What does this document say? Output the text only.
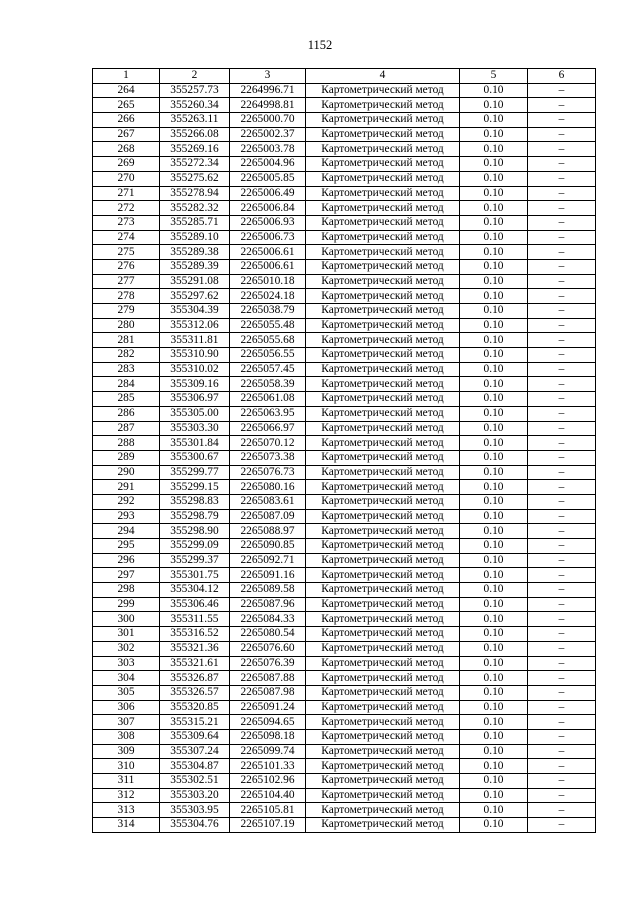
1152
1	2	3	4	5	6
264	355257.73	2264996.71	Картометрический метод	0.10	–
265	355260.34	2264998.81	Картометрический метод	0.10	–
266	355263.11	2265000.70	Картометрический метод	0.10	–
267	355266.08	2265002.37	Картометрический метод	0.10	–
268	355269.16	2265003.78	Картометрический метод	0.10	–
269	355272.34	2265004.96	Картометрический метод	0.10	–
270	355275.62	2265005.85	Картометрический метод	0.10	–
271	355278.94	2265006.49	Картометрический метод	0.10	–
272	355282.32	2265006.84	Картометрический метод	0.10	–
273	355285.71	2265006.93	Картометрический метод	0.10	–
274	355289.10	2265006.73	Картометрический метод	0.10	–
275	355289.38	2265006.61	Картометрический метод	0.10	–
276	355289.39	2265006.61	Картометрический метод	0.10	–
277	355291.08	2265010.18	Картометрический метод	0.10	–
278	355297.62	2265024.18	Картометрический метод	0.10	–
279	355304.39	2265038.79	Картометрический метод	0.10	–
280	355312.06	2265055.48	Картометрический метод	0.10	–
281	355311.81	2265055.68	Картометрический метод	0.10	–
282	355310.90	2265056.55	Картометрический метод	0.10	–
283	355310.02	2265057.45	Картометрический метод	0.10	–
284	355309.16	2265058.39	Картометрический метод	0.10	–
285	355306.97	2265061.08	Картометрический метод	0.10	–
286	355305.00	2265063.95	Картометрический метод	0.10	–
287	355303.30	2265066.97	Картометрический метод	0.10	–
288	355301.84	2265070.12	Картометрический метод	0.10	–
289	355300.67	2265073.38	Картометрический метод	0.10	–
290	355299.77	2265076.73	Картометрический метод	0.10	–
291	355299.15	2265080.16	Картометрический метод	0.10	–
292	355298.83	2265083.61	Картометрический метод	0.10	–
293	355298.79	2265087.09	Картометрический метод	0.10	–
294	355298.90	2265088.97	Картометрический метод	0.10	–
295	355299.09	2265090.85	Картометрический метод	0.10	–
296	355299.37	2265092.71	Картометрический метод	0.10	–
297	355301.75	2265091.16	Картометрический метод	0.10	–
298	355304.12	2265089.58	Картометрический метод	0.10	–
299	355306.46	2265087.96	Картометрический метод	0.10	–
300	355311.55	2265084.33	Картометрический метод	0.10	–
301	355316.52	2265080.54	Картометрический метод	0.10	–
302	355321.36	2265076.60	Картометрический метод	0.10	–
303	355321.61	2265076.39	Картометрический метод	0.10	–
304	355326.87	2265087.88	Картометрический метод	0.10	–
305	355326.57	2265087.98	Картометрический метод	0.10	–
306	355320.85	2265091.24	Картометрический метод	0.10	–
307	355315.21	2265094.65	Картометрический метод	0.10	–
308	355309.64	2265098.18	Картометрический метод	0.10	–
309	355307.24	2265099.74	Картометрический метод	0.10	–
310	355304.87	2265101.33	Картометрический метод	0.10	–
311	355302.51	2265102.96	Картометрический метод	0.10	–
312	355303.20	2265104.40	Картометрический метод	0.10	–
313	355303.95	2265105.81	Картометрический метод	0.10	–
314	355304.76	2265107.19	Картометрический метод	0.10	–
